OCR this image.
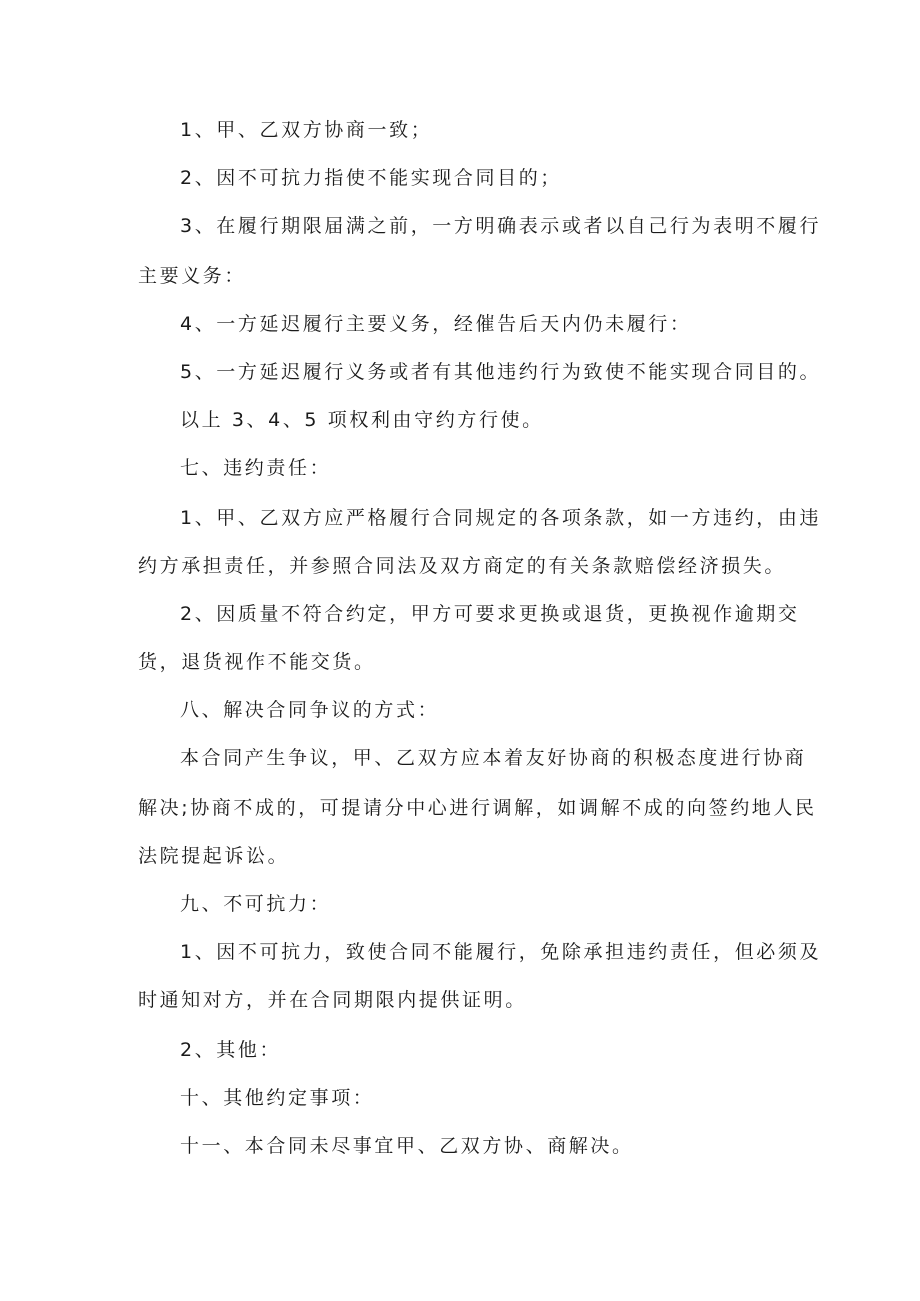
1、甲、乙双方协商一致；
2、因不可抗力指使不能实现合同目的；
3、在履行期限届满之前，一方明确表示或者以自己行为表明不履行
主要义务：
4、一方延迟履行主要义务，经催告后天内仍未履行：
5、一方延迟履行义务或者有其他违约行为致使不能实现合同目的。
以上 3、4、5 项权利由守约方行使。
七、违约责任：
1、甲、乙双方应严格履行合同规定的各项条款，如一方违约，由违
约方承担责任，并参照合同法及双方商定的有关条款赔偿经济损失。
2、因质量不符合约定，甲方可要求更换或退货，更换视作逾期交
货，退货视作不能交货。
八、解决合同争议的方式：
本合同产生争议，甲、乙双方应本着友好协商的积极态度进行协商
解决;协商不成的，可提请分中心进行调解，如调解不成的向签约地人民
法院提起诉讼。
九、不可抗力：
1、因不可抗力，致使合同不能履行，免除承担违约责任，但必须及
时通知对方，并在合同期限内提供证明。
2、其他：
十、其他约定事项：
十一、本合同未尽事宜甲、乙双方协、商解决。
